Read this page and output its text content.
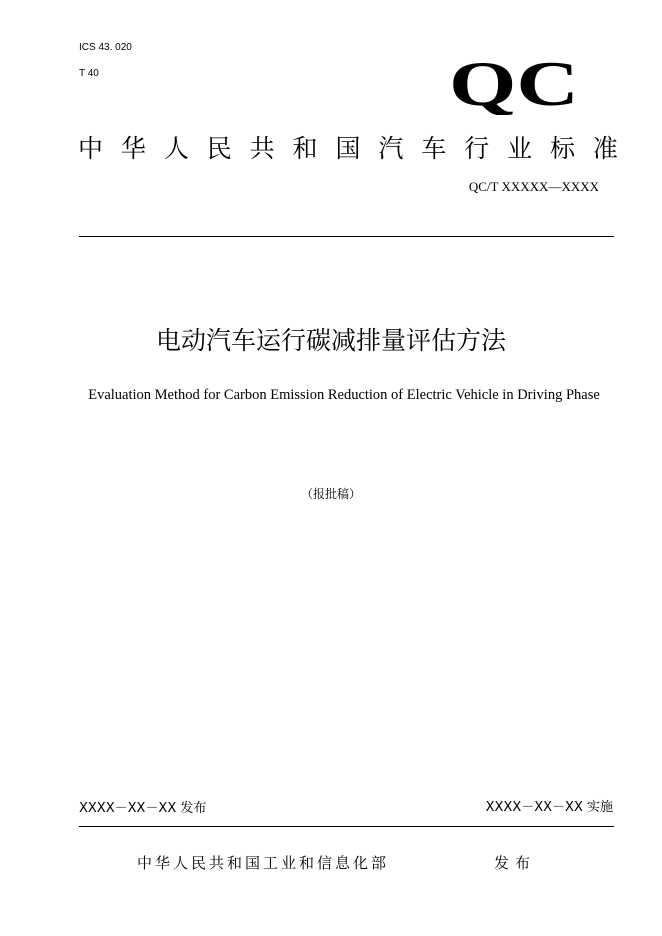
ICS 43. 020
T 40	QC
中 华 人 民 共 和 国 汽 车 行 业 标 准
QC/T XXXXX—XXXX
电动汽车运行碳减排量评估方法
Evaluation Method for Carbon Emission Reduction of Electric Vehicle in Driving Phase
（报批稿）
XXXX－XX－XX 发布	XXXX－XX－XX 实施
中华人民共和国工业和信息化部	发布
